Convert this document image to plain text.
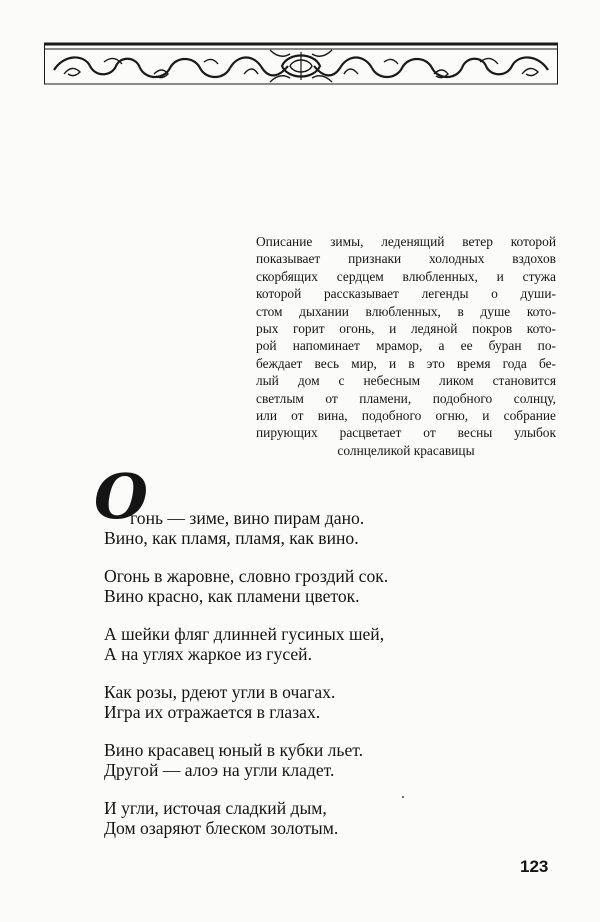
Описание зимы, леденящий ветер которой
показывает признаки холодных вздохов
скорбящих сердцем влюбленных, и стужа
которой рассказывает легенды о души-
стом дыхании влюбленных, в душе кото-
рых горит огонь, и ледяной покров кото-
рой напоминает мрамор, а ее буран по-
беждает весь мир, и в это время года бе-
лый дом с небесным ликом становится
светлым от пламени, подобного солнцу,
или от вина, подобного огню, и собрание
пирующих расцветает от весны улыбок
солнцеликой красавицы
О
гонь — зиме, вино пирам дано.
Вино, как пламя, пламя, как вино.
Огонь в жаровне, словно гроздий сок.
Вино красно, как пламени цветок.
А шейки фляг длинней гусиных шей,
А на углях жаркое из гусей.
Как розы, рдеют угли в очагах.
Игра их отражается в глазах.
Вино красавец юный в кубки льет.
Другой — алоэ на угли кладет.
И угли, источая сладкий дым,
Дом озаряют блеском золотым.
123
